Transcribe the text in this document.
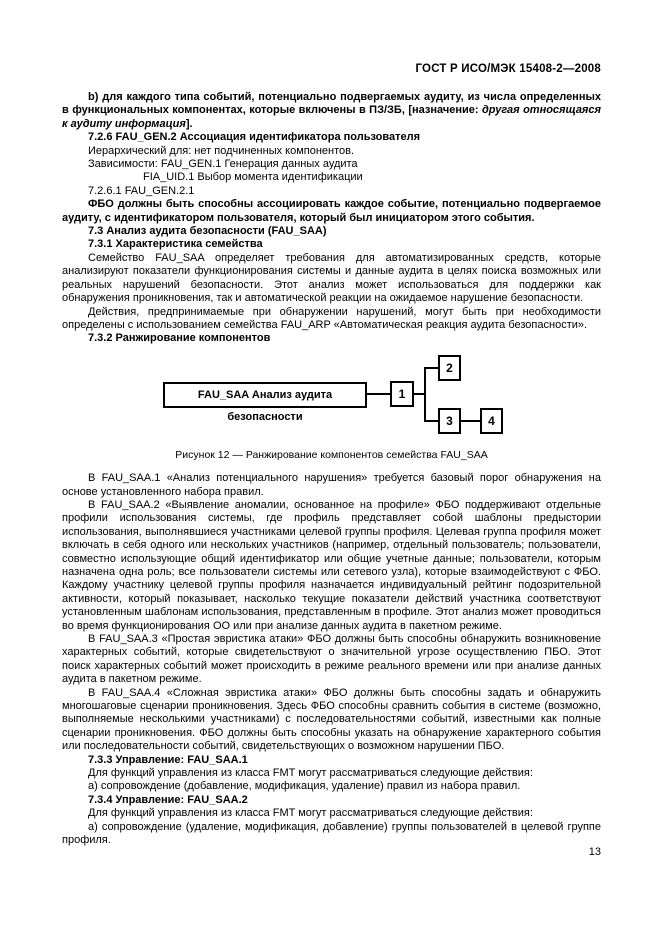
ГОСТ Р ИСО/МЭК 15408-2—2008

b) для каждого типа событий, потенциально подвергаемых аудиту, из числа определенных в функциональных компонентах, которые включены в ПЗ/ЗБ, [назначение: другая относящаяся к аудиту информация].

7.2.6 FAU_GEN.2 Ассоциация идентификатора пользователя

Иерархический для: нет подчиненных компонентов.

Зависимости: FAU_GEN.1 Генерация данных аудита

FIA_UID.1 Выбор момента идентификации

7.2.6.1 FAU_GEN.2.1

ФБО должны быть способны ассоциировать каждое событие, потенциально подвергаемое аудиту, с идентификатором пользователя, который был инициатором этого события.

7.3 Анализ аудита безопасности (FAU_SAA)

7.3.1 Характеристика семейства

Семейство FAU_SAA определяет требования для автоматизированных средств, которые анализируют показатели функционирования системы и данные аудита в целях поиска возможных или реальных нарушений безопасности. Этот анализ может использоваться для поддержки как обнаружения проникновения, так и автоматической реакции на ожидаемое нарушение безопасности.

Действия, предпринимаемые при обнаружении нарушений, могут быть при необходимости определены с использованием семейства FAU_ARP «Автоматическая реакция аудита безопасности».

7.3.2 Ранжирование компонентов

FAU_SAA Анализ аудита безопасности
1
2
3	4

Рисунок 12 — Ранжирование компонентов семейства FAU_SAA

В FAU_SAA.1 «Анализ потенциального нарушения» требуется базовый порог обнаружения на основе установленного набора правил.

В FAU_SAA.2 «Выявление аномалии, основанное на профиле» ФБО поддерживают отдельные профили использования системы, где профиль представляет собой шаблоны предыстории использования, выполнявшиеся участниками целевой группы профиля. Целевая группа профиля может включать в себя одного или нескольких участников (например, отдельный пользователь; пользователи, совместно использующие общий идентификатор или общие учетные данные; пользователи, которым назначена одна роль; все пользователи системы или сетевого узла), которые взаимодействуют с ФБО. Каждому участнику целевой группы профиля назначается индивидуальный рейтинг подозрительной активности, который показывает, насколько текущие показатели действий участника соответствуют установленным шаблонам использования, представленным в профиле. Этот анализ может проводиться во время функционирования ОО или при анализе данных аудита в пакетном режиме.

В FAU_SAA.3 «Простая эвристика атаки» ФБО должны быть способны обнаружить возникновение характерных событий, которые свидетельствуют о значительной угрозе осуществлению ПБО. Этот поиск характерных событий может происходить в режиме реального времени или при анализе данных аудита в пакетном режиме.

В FAU_SAA.4 «Сложная эвристика атаки» ФБО должны быть способны задать и обнаружить многошаговые сценарии проникновения. Здесь ФБО способны сравнить события в системе (возможно, выполняемые несколькими участниками) с последовательностями событий, известными как полные сценарии проникновения. ФБО должны быть способны указать на обнаружение характерного события или последовательности событий, свидетельствующих о возможном нарушении ПБО.

7.3.3 Управление: FAU_SAA.1

Для функций управления из класса FMT могут рассматриваться следующие действия:

а) сопровождение (добавление, модификация, удаление) правил из набора правил.

7.3.4 Управление: FAU_SAA.2

Для функций управления из класса FMT могут рассматриваться следующие действия:

а) сопровождение (удаление, модификация, добавление) группы пользователей в целевой группе профиля.

13
